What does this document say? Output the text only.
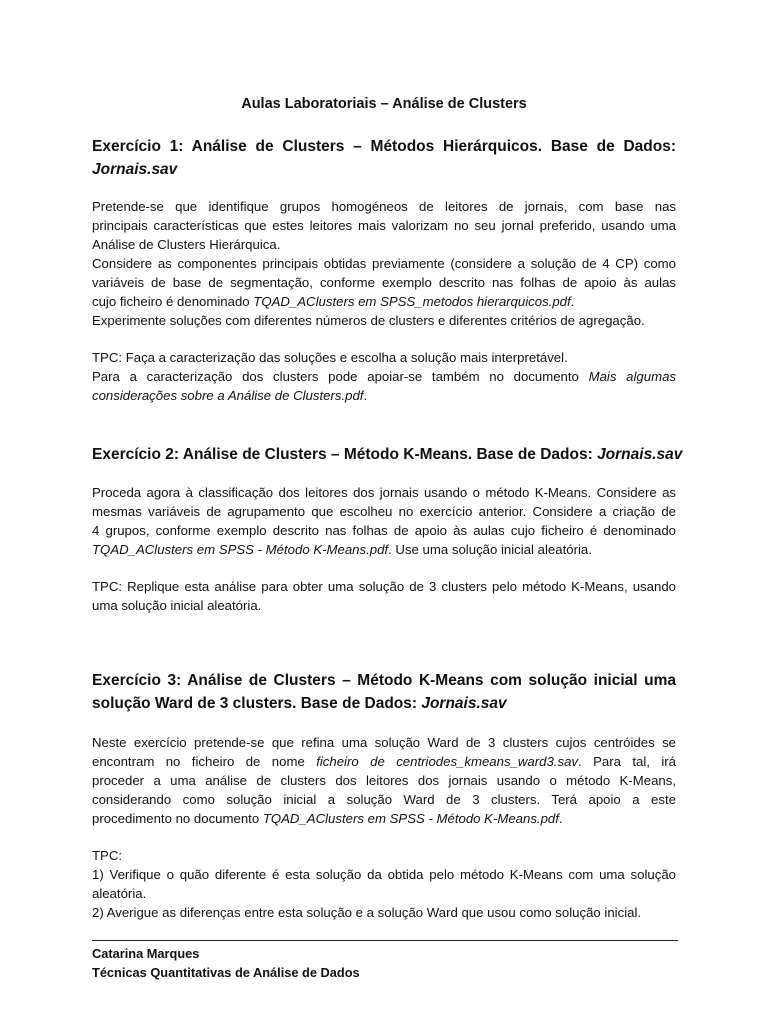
Aulas Laboratoriais – Análise de Clusters
Exercício 1: Análise de Clusters – Métodos Hierárquicos. Base de Dados:
Jornais.sav
Pretende-se que identifique grupos homogéneos de leitores de jornais, com base nas
principais características que estes leitores mais valorizam no seu jornal preferido, usando uma
Análise de Clusters Hierárquica.
Considere as componentes principais obtidas previamente (considere a solução de 4 CP) como
variáveis de base de segmentação, conforme exemplo descrito nas folhas de apoio às aulas
cujo ficheiro é denominado TQAD_AClusters em SPSS_metodos hierarquicos.pdf.
Experimente soluções com diferentes números de clusters e diferentes critérios de agregação.
TPC: Faça a caracterização das soluções e escolha a solução mais interpretável.
Para a caracterização dos clusters pode apoiar-se também no documento Mais algumas
considerações sobre a Análise de Clusters.pdf.
Exercício 2: Análise de Clusters – Método K-Means. Base de Dados: Jornais.sav
Proceda agora à classificação dos leitores dos jornais usando o método K-Means. Considere as
mesmas variáveis de agrupamento que escolheu no exercício anterior. Considere a criação de
4 grupos, conforme exemplo descrito nas folhas de apoio às aulas cujo ficheiro é denominado
TQAD_AClusters em SPSS - Método K-Means.pdf. Use uma solução inicial aleatória.
TPC: Replique esta análise para obter uma solução de 3 clusters pelo método K-Means, usando
uma solução inicial aleatória.
Exercício 3: Análise de Clusters – Método K-Means com solução inicial uma
solução Ward de 3 clusters. Base de Dados: Jornais.sav
Neste exercício pretende-se que refina uma solução Ward de 3 clusters cujos centróides se
encontram no ficheiro de nome ficheiro de centriodes_kmeans_ward3.sav. Para tal, irá
proceder a uma análise de clusters dos leitores dos jornais usando o método K-Means,
considerando como solução inicial a solução Ward de 3 clusters. Terá apoio a este
procedimento no documento TQAD_AClusters em SPSS - Método K-Means.pdf.
TPC:
1) Verifique o quão diferente é esta solução da obtida pelo método K-Means com uma solução
aleatória.
2) Averigue as diferenças entre esta solução e a solução Ward que usou como solução inicial.
Catarina Marques
Técnicas Quantitativas de Análise de Dados
